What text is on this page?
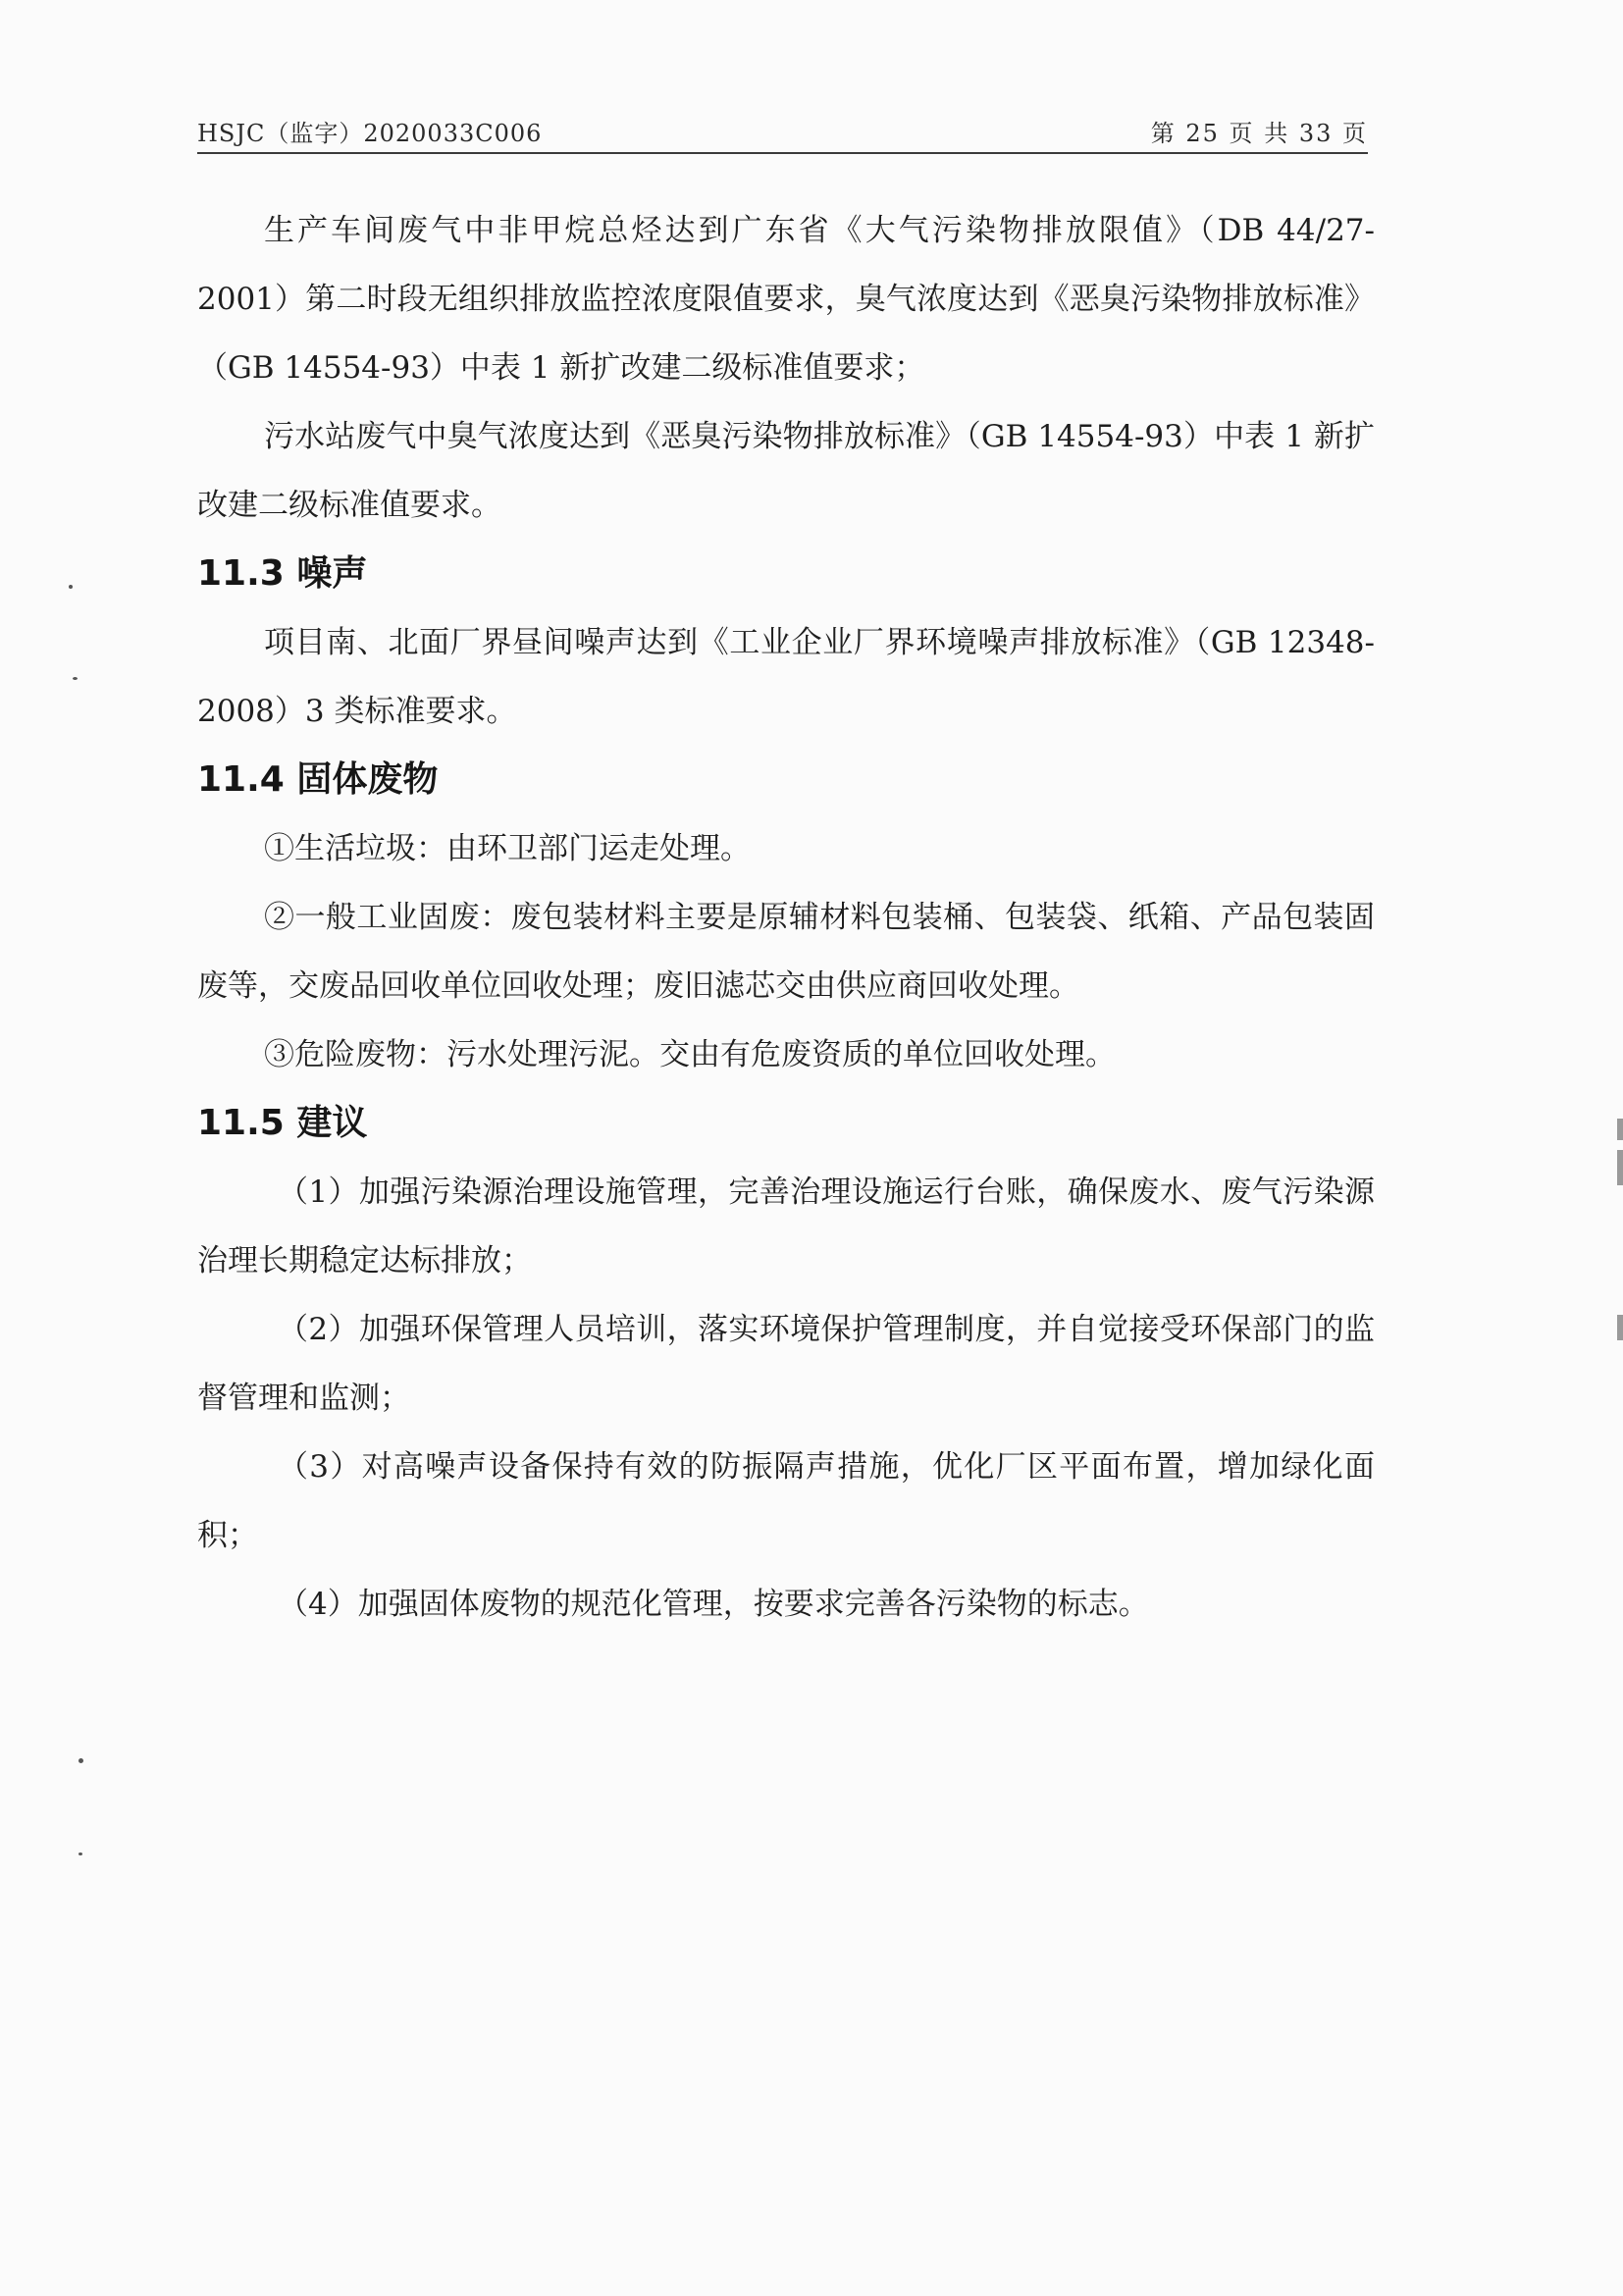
HSJC（监字）2020033C006	第 25 页 共 33 页

生产车间废气中非甲烷总烃达到广东省《大气污染物排放限值》（DB 44/27-2001）第二时段无组织排放监控浓度限值要求，臭气浓度达到《恶臭污染物排放标准》（GB 14554-93）中表 1 新扩改建二级标准值要求；

污水站废气中臭气浓度达到《恶臭污染物排放标准》（GB 14554-93）中表 1 新扩改建二级标准值要求。

11.3 噪声

项目南、北面厂界昼间噪声达到《工业企业厂界环境噪声排放标准》（GB 12348-2008）3 类标准要求。

11.4 固体废物

①生活垃圾：由环卫部门运走处理。

②一般工业固废：废包装材料主要是原辅材料包装桶、包装袋、纸箱、产品包装固废等，交废品回收单位回收处理；废旧滤芯交由供应商回收处理。

③危险废物：污水处理污泥。交由有危废资质的单位回收处理。

11.5 建议

（1）加强污染源治理设施管理，完善治理设施运行台账，确保废水、废气污染源治理长期稳定达标排放；

（2）加强环保管理人员培训，落实环境保护管理制度，并自觉接受环保部门的监督管理和监测；

（3）对高噪声设备保持有效的防振隔声措施，优化厂区平面布置，增加绿化面积；

（4）加强固体废物的规范化管理，按要求完善各污染物的标志。
